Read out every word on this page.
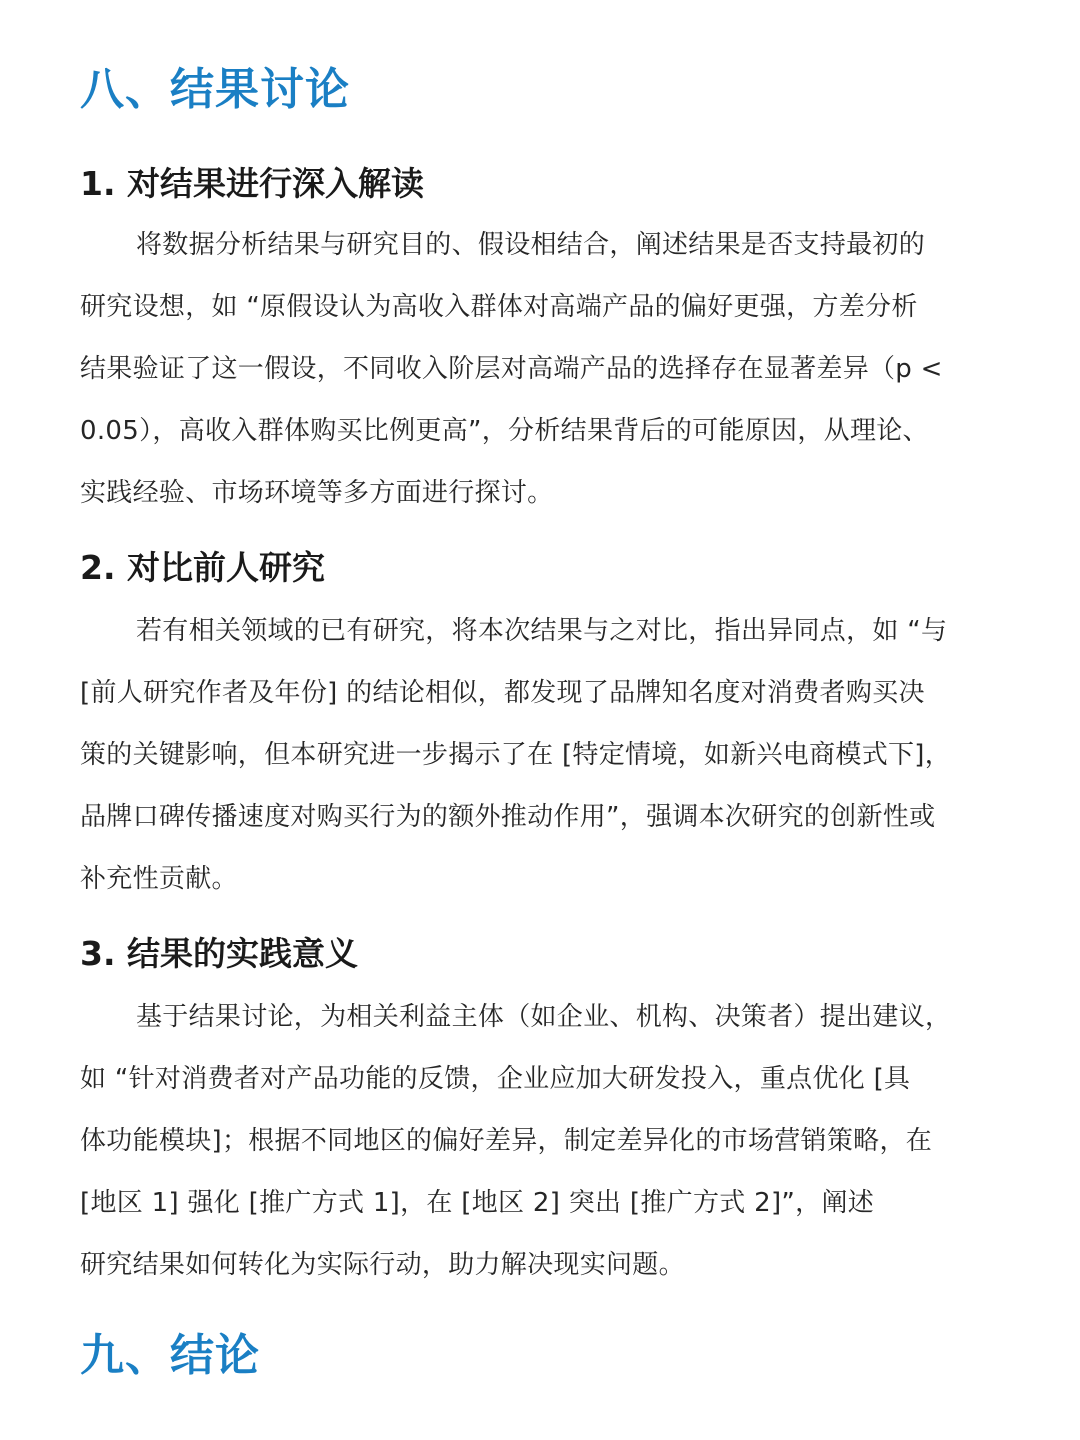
八、结果讨论
1. 对结果进行深入解读

将数据分析结果与研究目的、假设相结合，阐述结果是否支持最初的
研究设想，如 “原假设认为高收入群体对高端产品的偏好更强，方差分析
结果验证了这一假设，不同收入阶层对高端产品的选择存在显著差异（p <
0.05），高收入群体购买比例更高”，分析结果背后的可能原因，从理论、
实践经验、市场环境等多方面进行探讨。

2. 对比前人研究

若有相关领域的已有研究，将本次结果与之对比，指出异同点，如 “与
[前人研究作者及年份] 的结论相似，都发现了品牌知名度对消费者购买决
策的关键影响，但本研究进一步揭示了在 [特定情境，如新兴电商模式下]，
品牌口碑传播速度对购买行为的额外推动作用”，强调本次研究的创新性或
补充性贡献。

3. 结果的实践意义

基于结果讨论，为相关利益主体（如企业、机构、决策者）提出建议，
如 “针对消费者对产品功能的反馈，企业应加大研发投入，重点优化 [具
体功能模块]；根据不同地区的偏好差异，制定差异化的市场营销策略，在
[地区 1] 强化 [推广方式 1]，在 [地区 2] 突出 [推广方式 2]”，阐述
研究结果如何转化为实际行动，助力解决现实问题。

九、结论
